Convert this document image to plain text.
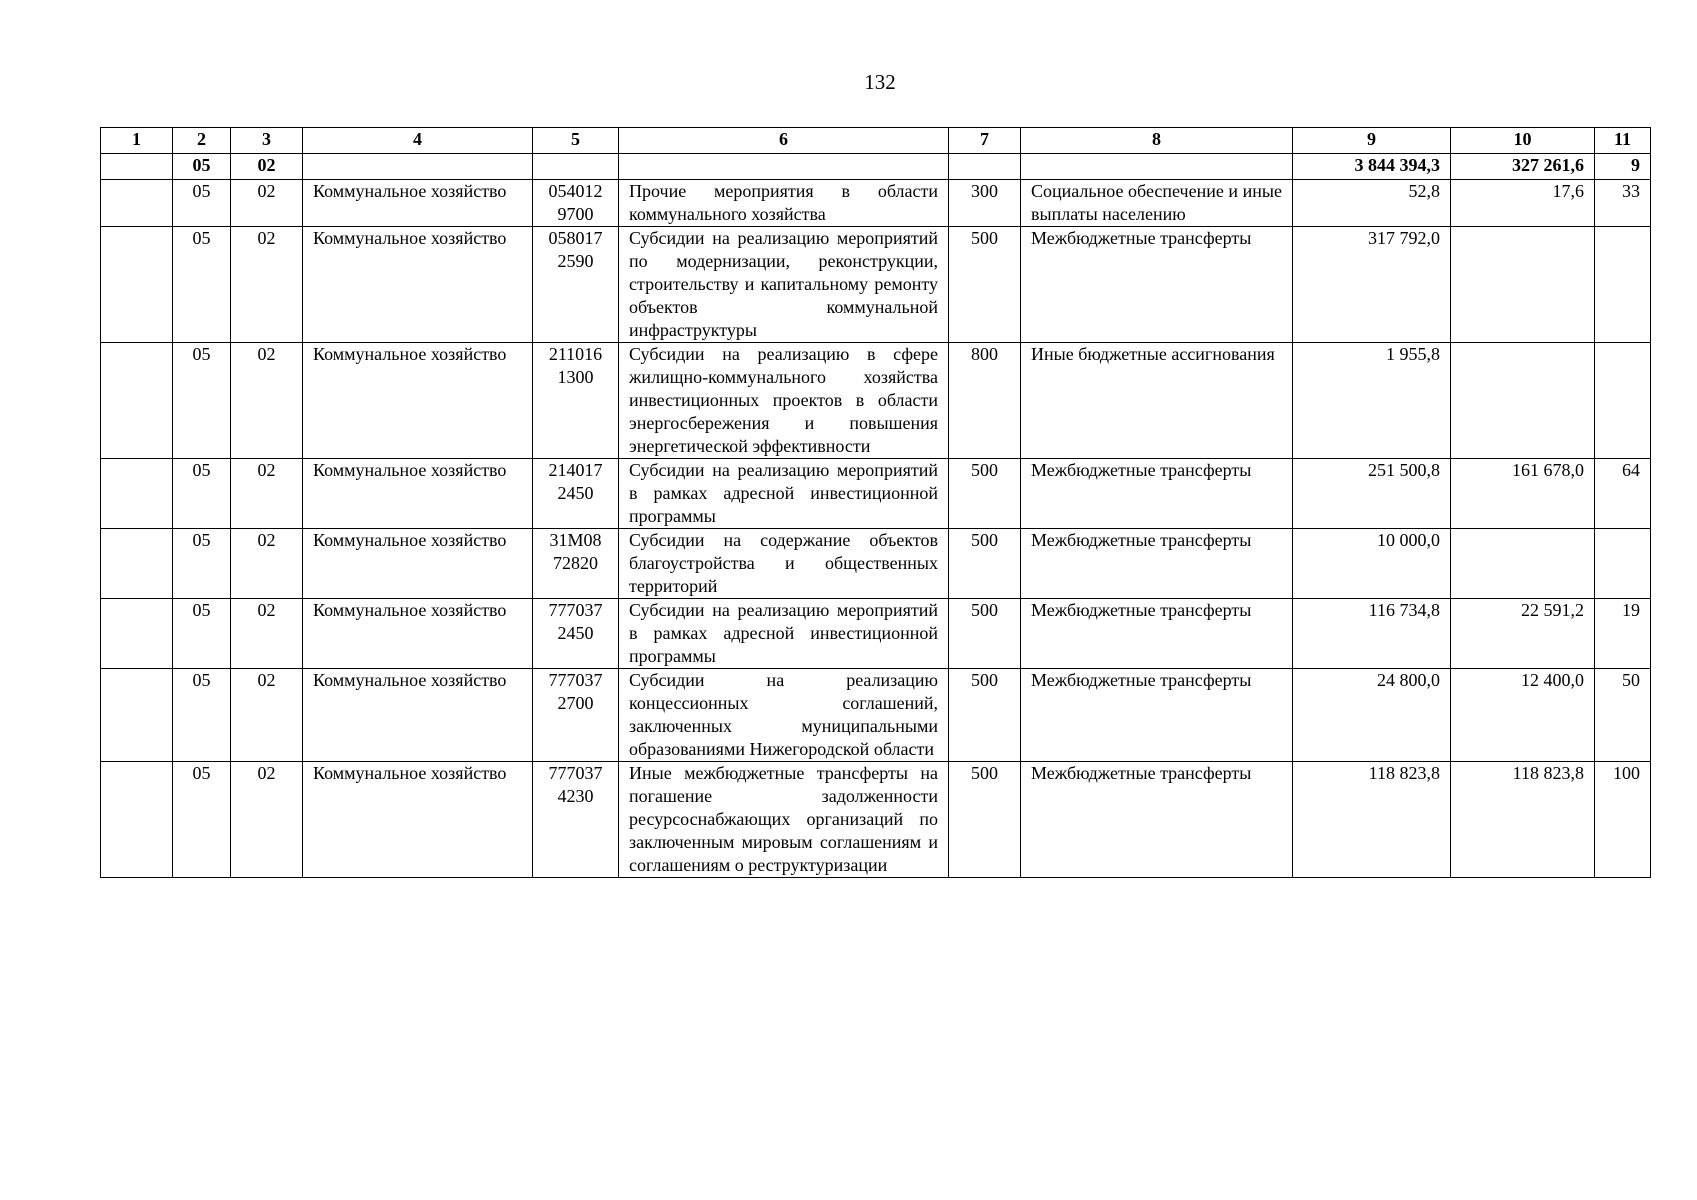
132
1	2	3	4	5	6	7	8	9	10	11
	05	02						3 844 394,3	327 261,6	9
	05	02	Коммунальное хозяйство	054012 9700	Прочие мероприятия в области коммунального хозяйства	300	Социальное обеспечение и иные выплаты населению	52,8	17,6	33
	05	02	Коммунальное хозяйство	058017 2590	Субсидии на реализацию мероприятий по модернизации, реконструкции, строительству и капитальному ремонту объектов коммунальной инфраструктуры	500	Межбюджетные трансферты	317 792,0		
	05	02	Коммунальное хозяйство	211016 1300	Субсидии на реализацию в сфере жилищно-коммунального хозяйства инвестиционных проектов в области энергосбережения и повышения энергетической эффективности	800	Иные бюджетные ассигнования	1 955,8		
	05	02	Коммунальное хозяйство	214017 2450	Субсидии на реализацию мероприятий в рамках адресной инвестиционной программы	500	Межбюджетные трансферты	251 500,8	161 678,0	64
	05	02	Коммунальное хозяйство	31М08 72820	Субсидии на содержание объектов благоустройства и общественных территорий	500	Межбюджетные трансферты	10 000,0		
	05	02	Коммунальное хозяйство	777037 2450	Субсидии на реализацию мероприятий в рамках адресной инвестиционной программы	500	Межбюджетные трансферты	116 734,8	22 591,2	19
	05	02	Коммунальное хозяйство	777037 2700	Субсидии на реализацию концессионных соглашений, заключенных муниципальными образованиями Нижегородской области	500	Межбюджетные трансферты	24 800,0	12 400,0	50
	05	02	Коммунальное хозяйство	777037 4230	Иные межбюджетные трансферты на погашение задолженности ресурсоснабжающих организаций по заключенным мировым соглашениям и соглашениям о реструктуризации	500	Межбюджетные трансферты	118 823,8	118 823,8	100
